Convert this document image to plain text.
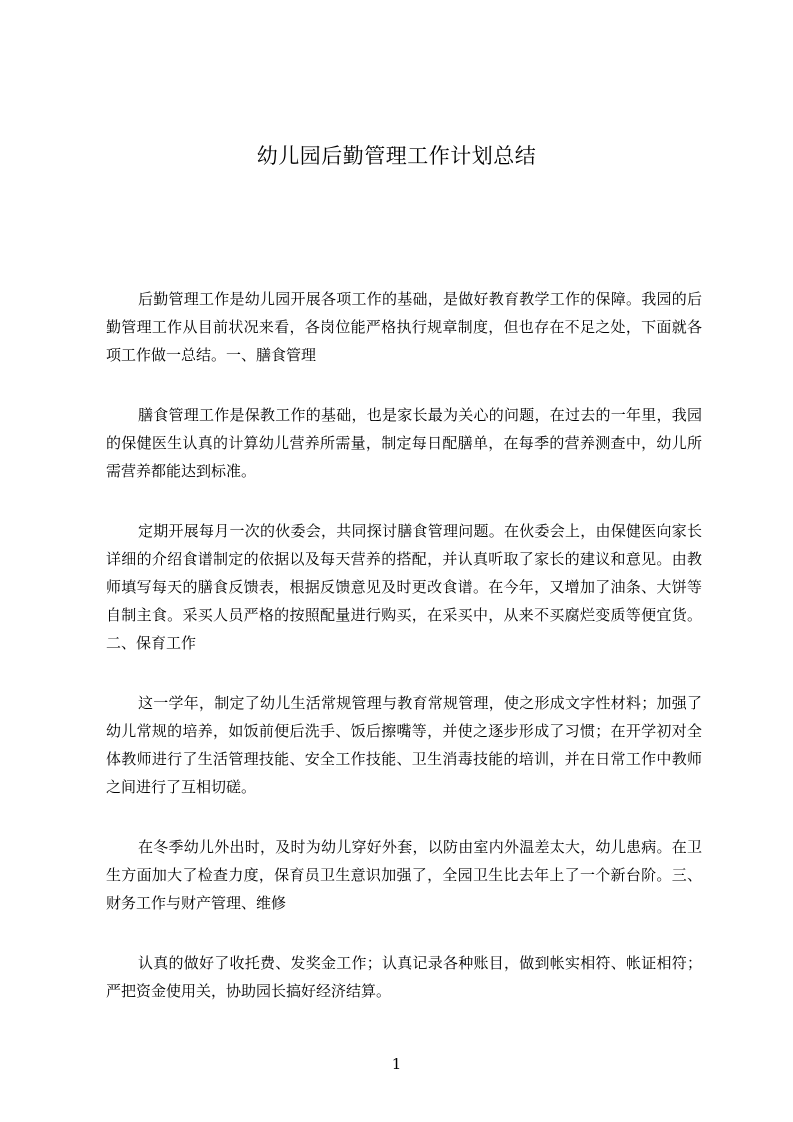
幼儿园后勤管理工作计划总结

后勤管理工作是幼儿园开展各项工作的基础，是做好教育教学工作的保障。我园的后勤管理工作从目前状况来看，各岗位能严格执行规章制度，但也存在不足之处，下面就各项工作做一总结。一、膳食管理

膳食管理工作是保教工作的基础，也是家长最为关心的问题，在过去的一年里，我园的保健医生认真的计算幼儿营养所需量，制定每日配膳单，在每季的营养测查中，幼儿所需营养都能达到标准。

定期开展每月一次的伙委会，共同探讨膳食管理问题。在伙委会上，由保健医向家长详细的介绍食谱制定的依据以及每天营养的搭配，并认真听取了家长的建议和意见。由教师填写每天的膳食反馈表，根据反馈意见及时更改食谱。在今年，又增加了油条、大饼等自制主食。采买人员严格的按照配量进行购买，在采买中，从来不买腐烂变质等便宜货。二、保育工作

这一学年，制定了幼儿生活常规管理与教育常规管理，使之形成文字性材料；加强了幼儿常规的培养，如饭前便后洗手、饭后擦嘴等，并使之逐步形成了习惯；在开学初对全体教师进行了生活管理技能、安全工作技能、卫生消毒技能的培训，并在日常工作中教师之间进行了互相切磋。

在冬季幼儿外出时，及时为幼儿穿好外套，以防由室内外温差太大，幼儿患病。在卫生方面加大了检查力度，保育员卫生意识加强了，全园卫生比去年上了一个新台阶。三、财务工作与财产管理、维修

认真的做好了收托费、发奖金工作；认真记录各种账目，做到帐实相符、帐证相符；严把资金使用关，协助园长搞好经济结算。

1
